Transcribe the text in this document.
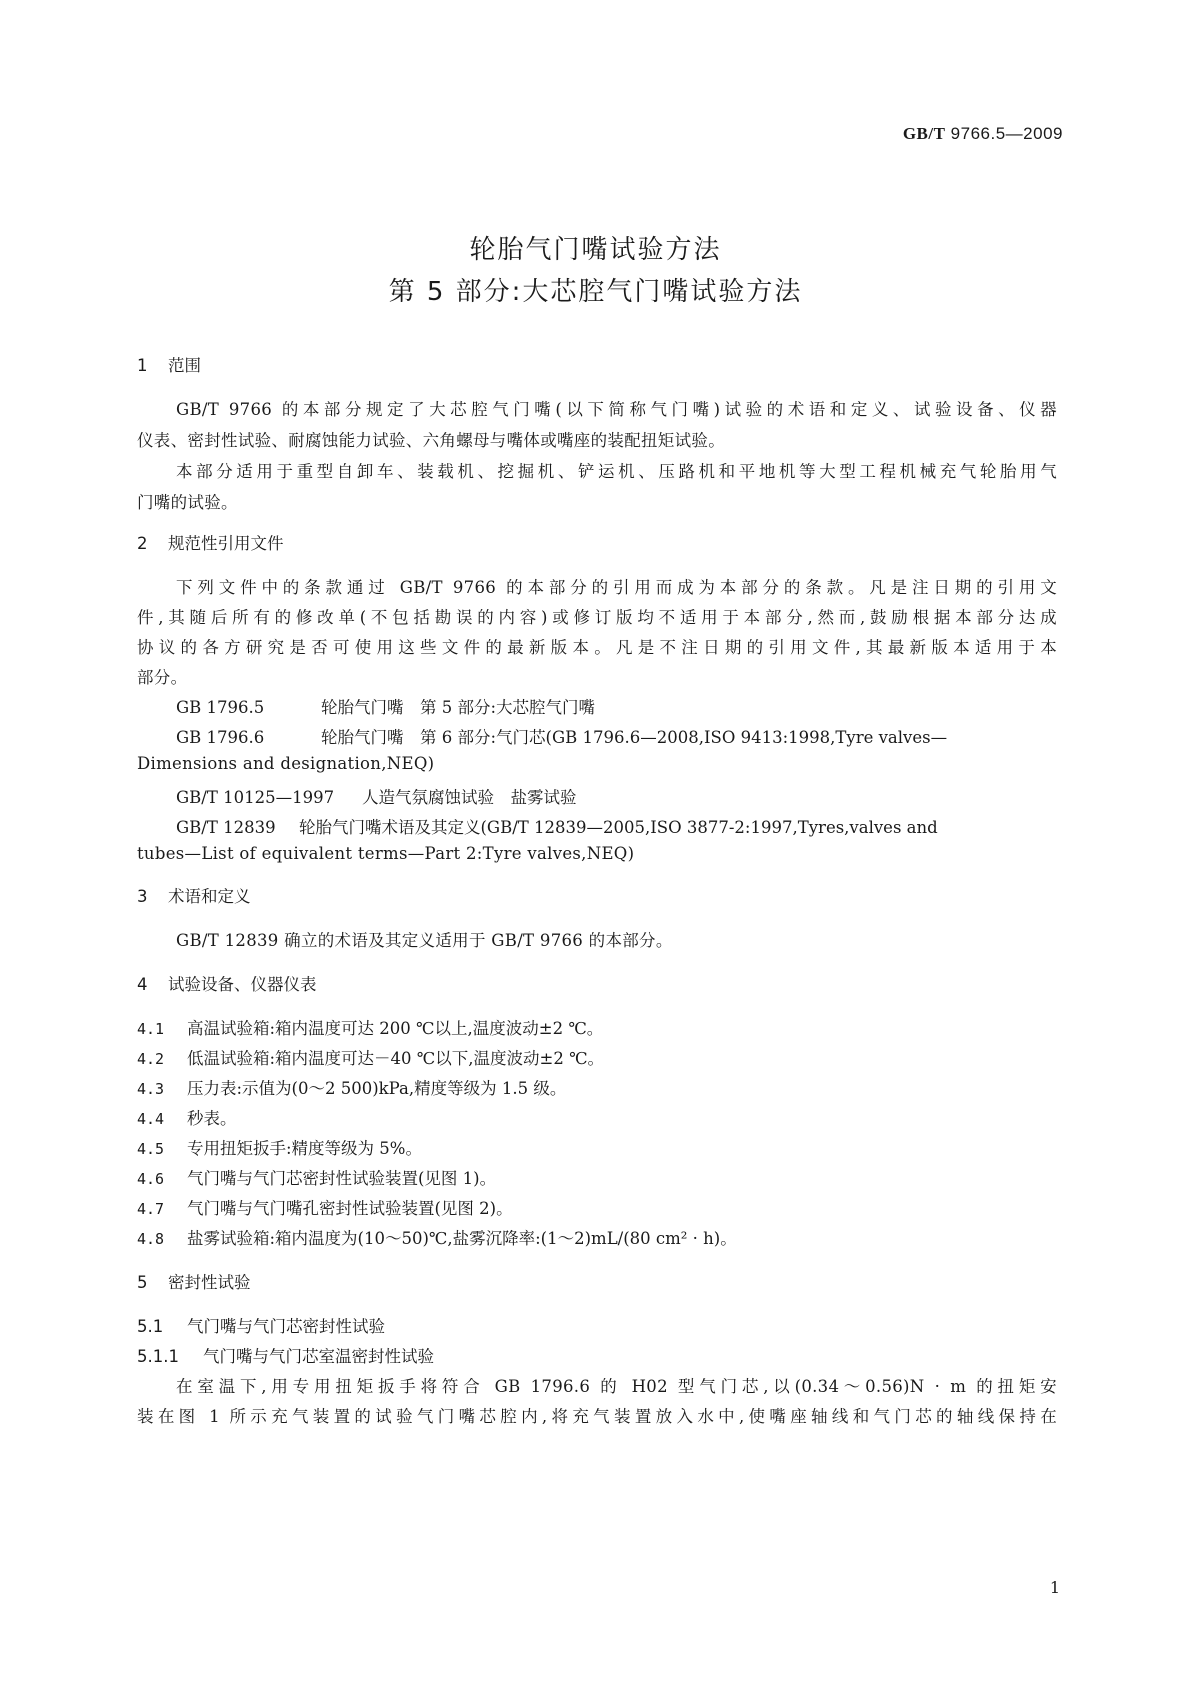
GB/T 9766.5—2009
轮胎气门嘴试验方法
第 5 部分:大芯腔气门嘴试验方法
1 范围
GB/T 9766 的本部分规定了大芯腔气门嘴(以下简称气门嘴)试验的术语和定义、试验设备、仪器
仪表、密封性试验、耐腐蚀能力试验、六角螺母与嘴体或嘴座的装配扭矩试验。
本部分适用于重型自卸车、装载机、挖掘机、铲运机、压路机和平地机等大型工程机械充气轮胎用气
门嘴的试验。
2 规范性引用文件
下列文件中的条款通过 GB/T 9766 的本部分的引用而成为本部分的条款。凡是注日期的引用文
件,其随后所有的修改单(不包括勘误的内容)或修订版均不适用于本部分,然而,鼓励根据本部分达成
协议的各方研究是否可使用这些文件的最新版本。凡是不注日期的引用文件,其最新版本适用于本
部分。
GB 1796.5	轮胎气门嘴　第 5 部分:大芯腔气门嘴
GB 1796.6	轮胎气门嘴　第 6 部分:气门芯(GB 1796.6—2008,ISO 9413:1998,Tyre valves—
Dimensions and designation,NEQ)
GB/T 10125—1997 人造气氛腐蚀试验　盐雾试验
GB/T 12839 轮胎气门嘴术语及其定义(GB/T 12839—2005,ISO 3877-2:1997,Tyres,valves and
tubes—List of equivalent terms—Part 2:Tyre valves,NEQ)
3 术语和定义
GB/T 12839 确立的术语及其定义适用于 GB/T 9766 的本部分。
4 试验设备、仪器仪表
4.1 高温试验箱:箱内温度可达 200 ℃以上,温度波动±2 ℃。
4.2 低温试验箱:箱内温度可达－40 ℃以下,温度波动±2 ℃。
4.3 压力表:示值为(0～2 500)kPa,精度等级为 1.5 级。
4.4 秒表。
4.5 专用扭矩扳手:精度等级为 5%。
4.6 气门嘴与气门芯密封性试验装置(见图 1)。
4.7 气门嘴与气门嘴孔密封性试验装置(见图 2)。
4.8 盐雾试验箱:箱内温度为(10～50)℃,盐雾沉降率:(1～2)mL/(80 cm² · h)。
5 密封性试验
5.1 气门嘴与气门芯密封性试验
5.1.1 气门嘴与气门芯室温密封性试验
在室温下,用专用扭矩扳手将符合 GB 1796.6 的 H02 型气门芯,以(0.34～0.56)N · m 的扭矩安
装在图 1 所示充气装置的试验气门嘴芯腔内,将充气装置放入水中,使嘴座轴线和气门芯的轴线保持在
1
